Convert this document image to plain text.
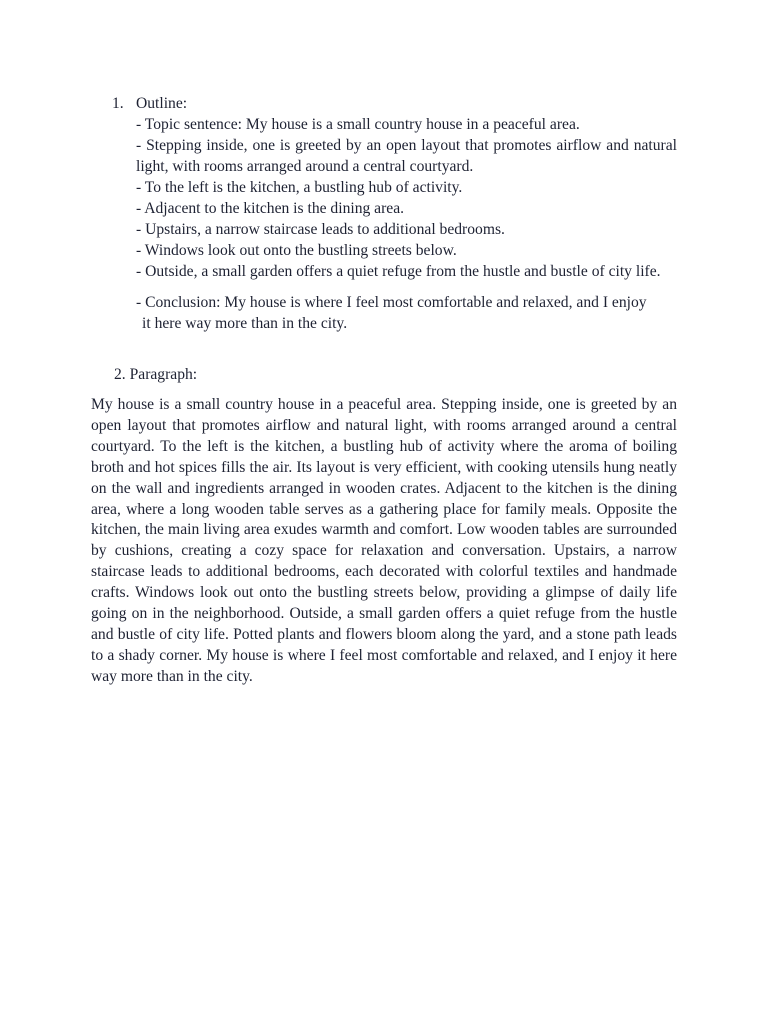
1. Outline:

- Topic sentence: My house is a small country house in a peaceful area.

- Stepping inside, one is greeted by an open layout that promotes airflow and natural light, with rooms arranged around a central courtyard.

- To the left is the kitchen, a bustling hub of activity.

- Adjacent to the kitchen is the dining area.

- Upstairs, a narrow staircase leads to additional bedrooms.

- Windows look out onto the bustling streets below.

- Outside, a small garden offers a quiet refuge from the hustle and bustle of city life.

- Conclusion: My house is where I feel most comfortable and relaxed, and I enjoy
it here way more than in the city.

2. Paragraph:

My house is a small country house in a peaceful area. Stepping inside, one is greeted by an open layout that promotes airflow and natural light, with rooms arranged around a central courtyard. To the left is the kitchen, a bustling hub of activity where the aroma of boiling broth and hot spices fills the air. Its layout is very efficient, with cooking utensils hung neatly on the wall and ingredients arranged in wooden crates. Adjacent to the kitchen is the dining area, where a long wooden table serves as a gathering place for family meals. Opposite the kitchen, the main living area exudes warmth and comfort. Low wooden tables are surrounded by cushions, creating a cozy space for relaxation and conversation. Upstairs, a narrow staircase leads to additional bedrooms, each decorated with colorful textiles and handmade crafts. Windows look out onto the bustling streets below, providing a glimpse of daily life going on in the neighborhood. Outside, a small garden offers a quiet refuge from the hustle and bustle of city life. Potted plants and flowers bloom along the yard, and a stone path leads to a shady corner. My house is where I feel most comfortable and relaxed, and I enjoy it here way more than in the city.
